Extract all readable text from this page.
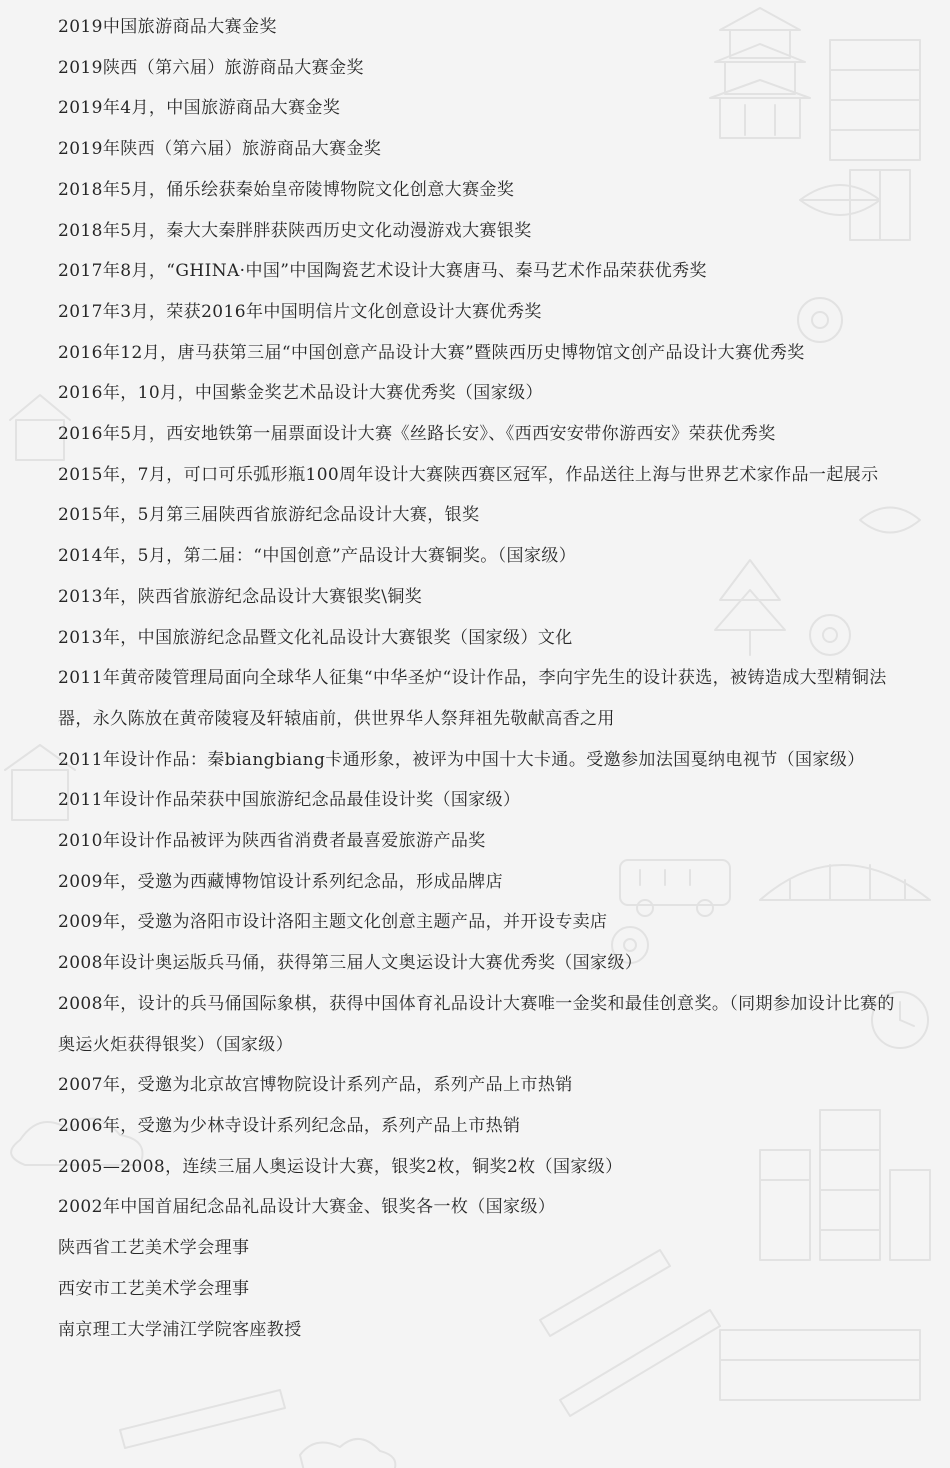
2019中国旅游商品大赛金奖
2019陕西（第六届）旅游商品大赛金奖
2019年4月，中国旅游商品大赛金奖
2019年陕西（第六届）旅游商品大赛金奖
2018年5月，俑乐绘获秦始皇帝陵博物院文化创意大赛金奖
2018年5月，秦大大秦胖胖获陕西历史文化动漫游戏大赛银奖
2017年8月，“GHINA·中国”中国陶瓷艺术设计大赛唐马、秦马艺术作品荣获优秀奖
2017年3月，荣获2016年中国明信片文化创意设计大赛优秀奖
2016年12月，唐马获第三届“中国创意产品设计大赛”暨陕西历史博物馆文创产品设计大赛优秀奖
2016年，10月，中国紫金奖艺术品设计大赛优秀奖（国家级）
2016年5月，西安地铁第一届票面设计大赛《丝路长安》、《西西安安带你游西安》荣获优秀奖
2015年，7月，可口可乐弧形瓶100周年设计大赛陕西赛区冠军，作品送往上海与世界艺术家作品一起展示
2015年，5月第三届陕西省旅游纪念品设计大赛，银奖
2014年，5月，第二届：“中国创意”产品设计大赛铜奖。（国家级）
2013年，陕西省旅游纪念品设计大赛银奖\铜奖
2013年，中国旅游纪念品暨文化礼品设计大赛银奖（国家级）文化
2011年黄帝陵管理局面向全球华人征集“中华圣炉“设计作品，李向宇先生的设计获选，被铸造成大型精铜法器，永久陈放在黄帝陵寝及轩辕庙前，供世界华人祭拜祖先敬献高香之用
2011年设计作品：秦biangbiang卡通形象，被评为中国十大卡通。受邀参加法国戛纳电视节（国家级）
2011年设计作品荣获中国旅游纪念品最佳设计奖（国家级）
2010年设计作品被评为陕西省消费者最喜爱旅游产品奖
2009年，受邀为西藏博物馆设计系列纪念品，形成品牌店
2009年，受邀为洛阳市设计洛阳主题文化创意主题产品，并开设专卖店
2008年设计奥运版兵马俑，获得第三届人文奥运设计大赛优秀奖（国家级）
2008年，设计的兵马俑国际象棋，获得中国体育礼品设计大赛唯一金奖和最佳创意奖。（同期参加设计比赛的奥运火炬获得银奖）（国家级）
2007年，受邀为北京故宫博物院设计系列产品，系列产品上市热销
2006年，受邀为少林寺设计系列纪念品，系列产品上市热销
2005—2008，连续三届人奥运设计大赛，银奖2枚，铜奖2枚（国家级）
2002年中国首届纪念品礼品设计大赛金、银奖各一枚（国家级）
陕西省工艺美术学会理事
西安市工艺美术学会理事
南京理工大学浦江学院客座教授
